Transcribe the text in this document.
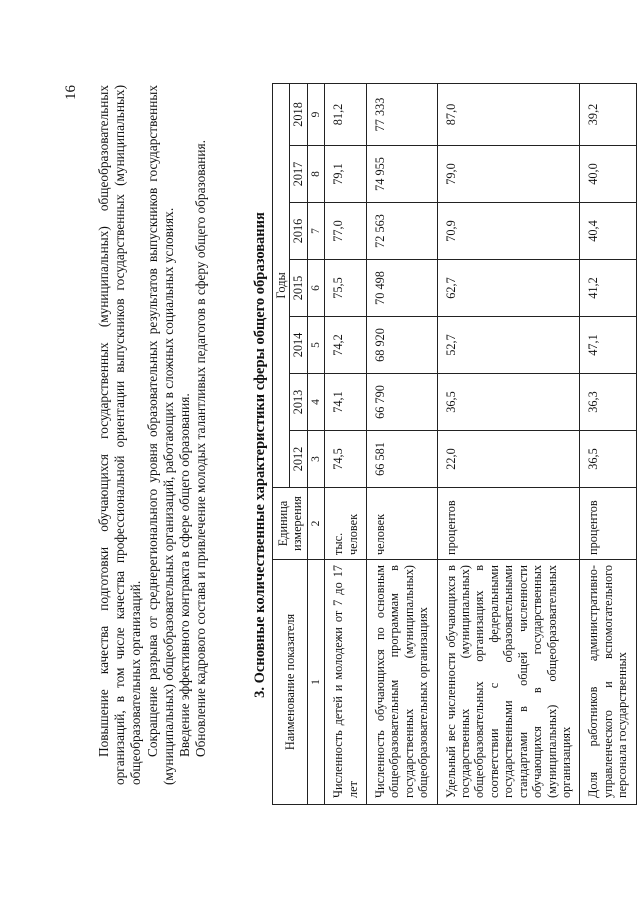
16 Повышение качества подготовки обучающихся государственных (муниципальных) общеобразовательных организаций, в том числе качества профессиональной ориентации выпускников государственных (муниципальных) общеобразовательных организаций. Сокращение разрыва от среднерегионального уровня образовательных результатов выпускников государственных (муниципальных) общеобразовательных организаций, работающих в сложных социальных условиях. Введение эффективного контракта в сфере общего образования. Обновление кадрового состава и привлечение молодых талантливых педагогов в сферу общего образования.	3. Основные количественные характеристики сферы общего образования Наименование показателя	Единица измерения	Годы						
		2012	2013	2014	2015	2016	2017	2018
1	2	3	4	5	6	7	8	9
Численность детей и молодежи от 7 до 17 лет	тыс. человек	74,5	74,1	74,2	75,5	77,0	79,1	81,2
Численность обучающихся по основным общеобразовательным программам в государственных (муниципальных) общеобразовательных организациях	человек	66 581	66 790	68 920	70 498	72 563	74 955	77 333
Удельный вес численности обучающихся в государственных (муниципальных) общеобразовательных организациях в соответствии с федеральными государственными образовательными стандартами в общей численности обучающихся в государственных (муниципальных) общеобразовательных организациях	процентов	22,0	36,5	52,7	62,7	70,9	79,0	87,0
Доля работников административно-управленческого и вспомогательного персонала государственных	процентов	36,5	36,3	47,1	41,2	40,4	40,0	39,2
